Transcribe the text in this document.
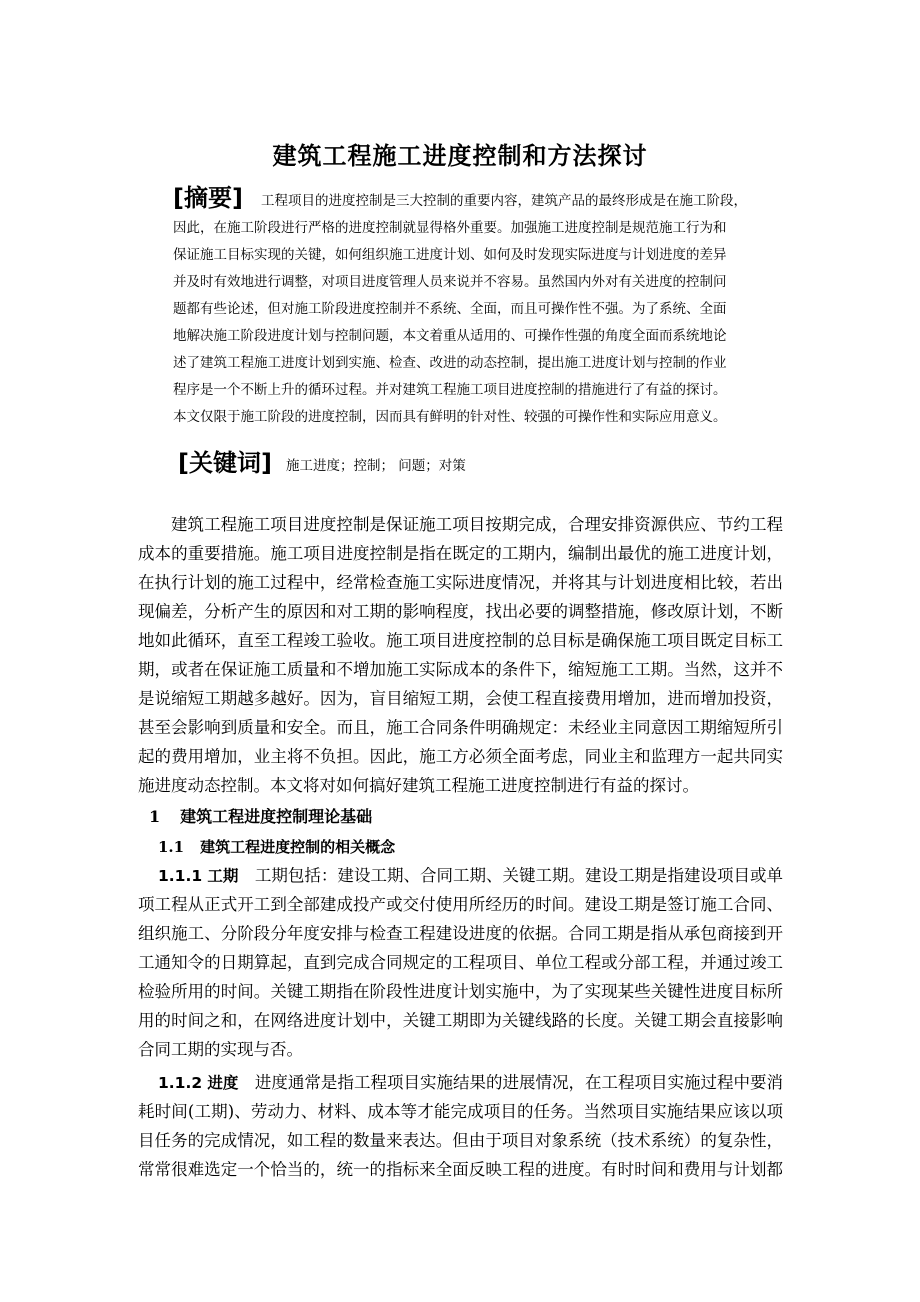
建筑工程施工进度控制和方法探讨
[摘要] 工程项目的进度控制是三大控制的重要内容，建筑产品的最终形成是在施工阶段，
因此，在施工阶段进行严格的进度控制就显得格外重要。加强施工进度控制是规范施工行为和
保证施工目标实现的关键，如何组织施工进度计划、如何及时发现实际进度与计划进度的差异
并及时有效地进行调整，对项目进度管理人员来说并不容易。虽然国内外对有关进度的控制问
题都有些论述，但对施工阶段进度控制并不系统、全面，而且可操作性不强。为了系统、全面
地解决施工阶段进度计划与控制问题，本文着重从适用的、可操作性强的角度全面而系统地论
述了建筑工程施工进度计划到实施、检查、改进的动态控制，提出施工进度计划与控制的作业
程序是一个不断上升的循环过程。并对建筑工程施工项目进度控制的措施进行了有益的探讨。
本文仅限于施工阶段的进度控制，因而具有鲜明的针对性、较强的可操作性和实际应用意义。
[关键词] 施工进度；控制； 问题；对策
建筑工程施工项目进度控制是保证施工项目按期完成，合理安排资源供应、节约工程
成本的重要措施。施工项目进度控制是指在既定的工期内，编制出最优的施工进度计划，
在执行计划的施工过程中，经常检查施工实际进度情况，并将其与计划进度相比较，若出
现偏差，分析产生的原因和对工期的影响程度，找出必要的调整措施，修改原计划，不断
地如此循环，直至工程竣工验收。施工项目进度控制的总目标是确保施工项目既定目标工
期，或者在保证施工质量和不增加施工实际成本的条件下，缩短施工工期。当然，这并不
是说缩短工期越多越好。因为，盲目缩短工期，会使工程直接费用增加，进而增加投资，
甚至会影响到质量和安全。而且，施工合同条件明确规定：未经业主同意因工期缩短所引
起的费用增加，业主将不负担。因此，施工方必须全面考虑，同业主和监理方一起共同实
施进度动态控制。本文将对如何搞好建筑工程施工进度控制进行有益的探讨。
1 建筑工程进度控制理论基础
1.1 建筑工程进度控制的相关概念
1.1.1 工期　 工期包括：建设工期、合同工期、关键工期。建设工期是指建设项目或单
项工程从正式开工到全部建成投产或交付使用所经历的时间。建设工期是签订施工合同、
组织施工、分阶段分年度安排与检查工程建设进度的依据。合同工期是指从承包商接到开
工通知令的日期算起，直到完成合同规定的工程项目、单位工程或分部工程，并通过竣工
检验所用的时间。关键工期指在阶段性进度计划实施中，为了实现某些关键性进度目标所
用的时间之和，在网络进度计划中，关键工期即为关键线路的长度。关键工期会直接影响
合同工期的实现与否。
1.1.2 进度　 进度通常是指工程项目实施结果的进展情况，在工程项目实施过程中要消
耗时间(工期)、劳动力、材料、成本等才能完成项目的任务。当然项目实施结果应该以项
目任务的完成情况，如工程的数量来表达。但由于项目对象系统（技术系统）的复杂性，
常常很难选定一个恰当的，统一的指标来全面反映工程的进度。有时时间和费用与计划都
